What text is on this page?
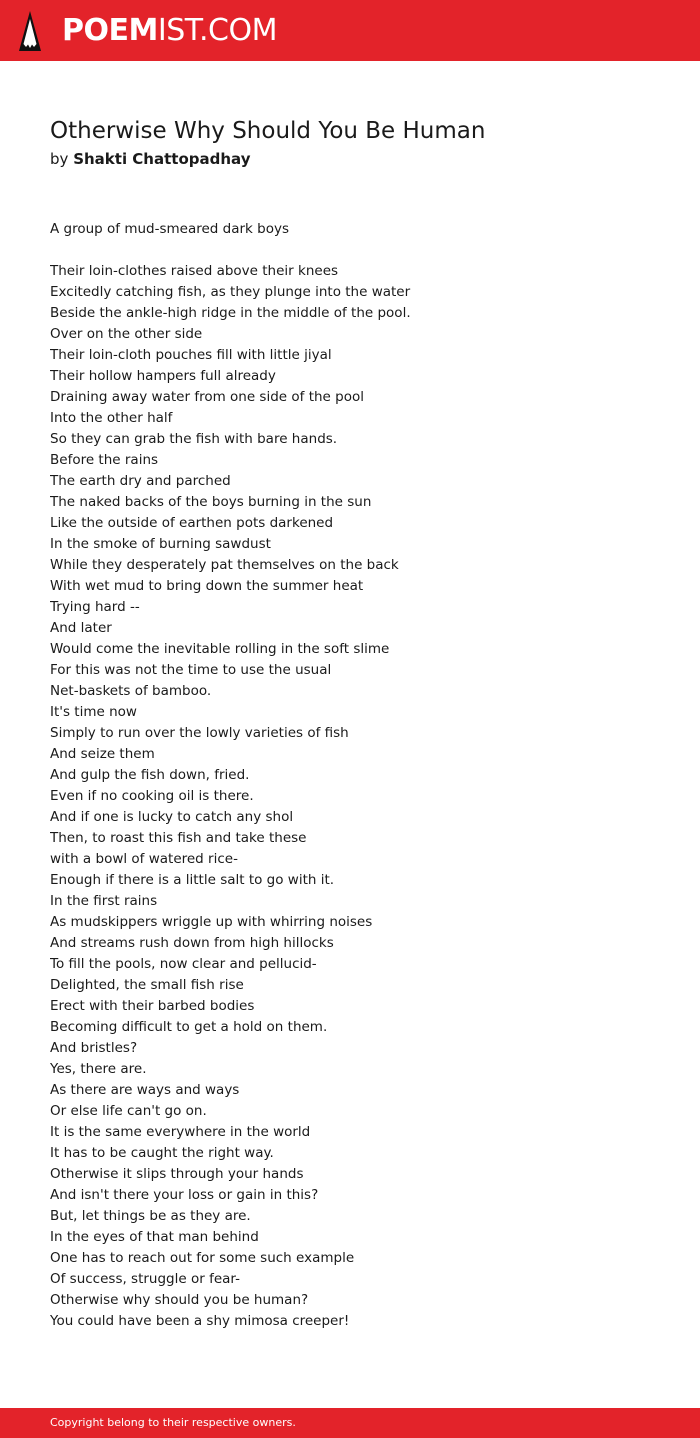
POEMIST.COM
Otherwise Why Should You Be Human
by Shakti Chattopadhay
A group of mud-smeared dark boys
Their loin-clothes raised above their knees
Excitedly catching fish, as they plunge into the water
Beside the ankle-high ridge in the middle of the pool.
Over on the other side
Their loin-cloth pouches fill with little jiyal
Their hollow hampers full already
Draining away water from one side of the pool
Into the other half
So they can grab the fish with bare hands.
Before the rains
The earth dry and parched
The naked backs of the boys burning in the sun
Like the outside of earthen pots darkened
In the smoke of burning sawdust
While they desperately pat themselves on the back
With wet mud to bring down the summer heat
Trying hard --
And later
Would come the inevitable rolling in the soft slime
For this was not the time to use the usual
Net-baskets of bamboo.
It's time now
Simply to run over the lowly varieties of fish
And seize them
And gulp the fish down, fried.
Even if no cooking oil is there.
And if one is lucky to catch any shol
Then, to roast this fish and take these
with a bowl of watered rice-
Enough if there is a little salt to go with it.
In the first rains
As mudskippers wriggle up with whirring noises
And streams rush down from high hillocks
To fill the pools, now clear and pellucid-
Delighted, the small fish rise
Erect with their barbed bodies
Becoming difficult to get a hold on them.
And bristles?
Yes, there are.
As there are ways and ways
Or else life can't go on.
It is the same everywhere in the world
It has to be caught the right way.
Otherwise it slips through your hands
And isn't there your loss or gain in this?
But, let things be as they are.
In the eyes of that man behind
One has to reach out for some such example
Of success, struggle or fear-
Otherwise why should you be human?
You could have been a shy mimosa creeper!
Copyright belong to their respective owners.
